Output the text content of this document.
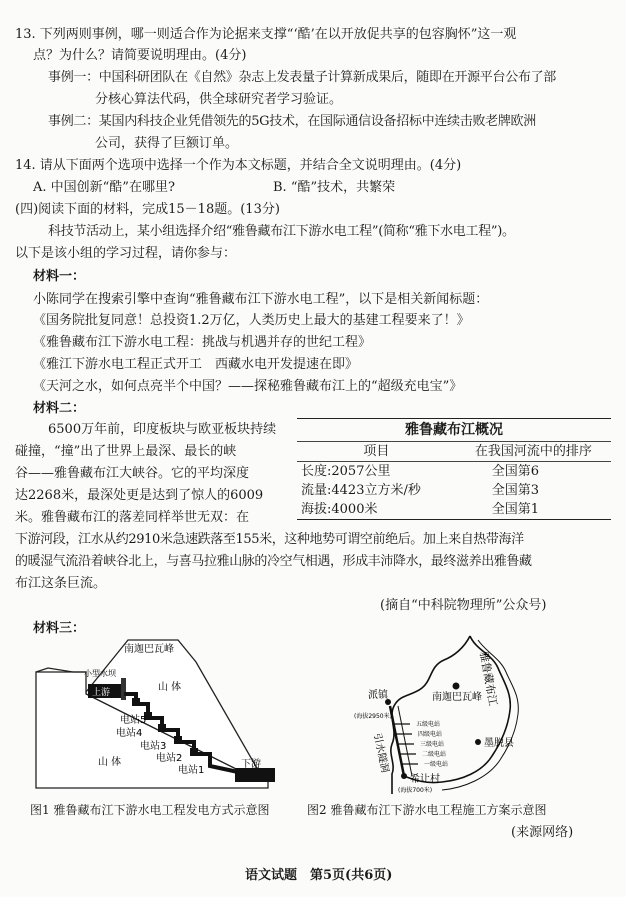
13. 下列两则事例，哪一则适合作为论据来支撑“‘酷’在以开放促共享的包容胸怀”这一观
点？为什么？请简要说明理由。(4分)
事例一：中国科研团队在《自然》杂志上发表量子计算新成果后，随即在开源平台公布了部
分核心算法代码，供全球研究者学习验证。
事例二：某国内科技企业凭借领先的5G技术，在国际通信设备招标中连续击败老牌欧洲
公司，获得了巨额订单。
14. 请从下面两个选项中选择一个作为本文标题，并结合全文说明理由。(4分)
A. 中国创新“酷”在哪里?	B. “酷”技术，共繁荣
(四)阅读下面的材料，完成15－18题。(13分)
科技节活动上，某小组选择介绍“雅鲁藏布江下游水电工程”(简称“雅下水电工程”)。
以下是该小组的学习过程，请你参与：
材料一：
小陈同学在搜索引擎中查询“雅鲁藏布江下游水电工程”，以下是相关新闻标题：
《国务院批复同意！总投资1.2万亿，人类历史上最大的基建工程要来了！》
《雅鲁藏布江下游水电工程：挑战与机遇并存的世纪工程》
《雅江下游水电工程正式开工　西藏水电开发提速在即》
《天河之水，如何点亮半个中国？——探秘雅鲁藏布江上的“超级充电宝”》
材料二：
6500万年前，印度板块与欧亚板块持续
碰撞，“撞”出了世界上最深、最长的峡
谷——雅鲁藏布江大峡谷。它的平均深度
达2268米，最深处更是达到了惊人的6009
米。雅鲁藏布江的落差同样举世无双：在
下游河段，江水从约2910米急速跌落至155米，这种地势可谓空前绝后。加上来自热带海洋
的暖湿气流沿着峡谷北上，与喜马拉雅山脉的冷空气相遇，形成丰沛降水，最终滋养出雅鲁藏
布江这条巨流。
(摘自“中科院物理所”公众号)
雅鲁藏布江概况
项目	在我国河流中的排序
长度:2057公里	全国第6
流量:4423立方米/秒	全国第3
海拔:4000米	全国第1
材料三：
南迦巴瓦峰
小型水坝
上游	山 体
山 体
电站5
电站4
电站3
电站2
电站1
下游
图1 雅鲁藏布江下游水电工程发电方式示意图
雅鲁藏布江
南迦巴瓦峰
派镇
(海拔2950米)
墨脱县
引水隧洞
五级电站
四级电站
三级电站
二级电站
一级电站
希让村
(海拔700米)
图2 雅鲁藏布江下游水电工程施工方案示意图
(来源网络)
语文试题　第5页(共6页)
